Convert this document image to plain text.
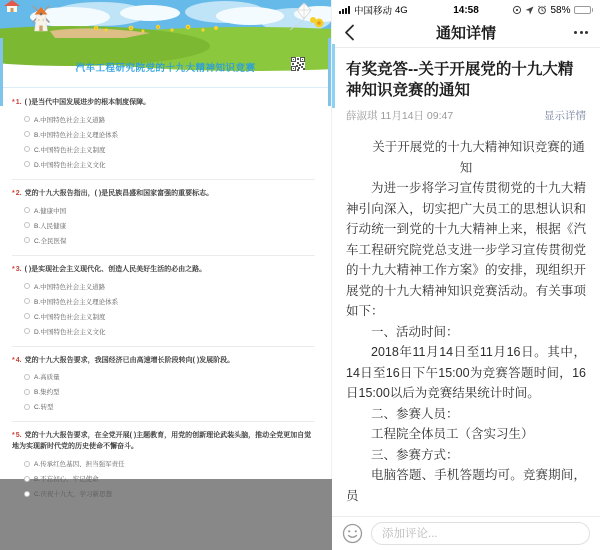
汽车工程研究院党的十九大精神知识竞赛
*1. ( )是当代中国发展进步的根本制度保障。
A.中国特色社会主义道路
B.中国特色社会主义理论体系
C.中国特色社会主义制度
D.中国特色社会主义文化
*2. 党的十九大报告指出，( )是民族昌盛和国家富强的重要标志。
A.健康中国
B.人民健康
C.全民医保
*3. ( )是实现社会主义现代化、创造人民美好生活的必由之路。
A.中国特色社会主义道路
B.中国特色社会主义理论体系
C.中国特色社会主义制度
D.中国特色社会主义文化
*4. 党的十九大报告要求，我国经济已由高速增长阶段转向( )发展阶段。
A.高质量
B.集约型
C.转型
*5. 党的十九大报告要求，在全党开展( )主题教育，用党的创新理论武装头脑，推动全党更加自觉地为实现新时代党的历史使命不懈奋斗。
A.传承红色基因、担当强军责任
B.不忘初心、牢记使命
C.庆祝十九大，学习新思想
中国移动 4G	14:58	58%
通知详情
有奖竞答--关于开展党的十九大精神知识竞赛的通知
薛淑琪 11月14日 09:47	显示详情

关于开展党的十九大精神知识竞赛的通知

为进一步将学习宣传贯彻党的十九大精神引向深入，切实把广大员工的思想认识和行动统一到党的十九大精神上来，根据《汽车工程研究院党总支进一步学习宣传贯彻党的十九大精神工作方案》的安排，现组织开展党的十九大精神知识竞赛活动。有关事项如下：

一、活动时间：

2018年11月14日至11月16日。其中，14日至16日下午15:00为竞赛答题时间，16日15:00以后为竞赛结果统计时间。

二、参赛人员：

工程院全体员工（含实习生）

三、参赛方式：

电脑答题、手机答题均可。竞赛期间，员

添加评论...
